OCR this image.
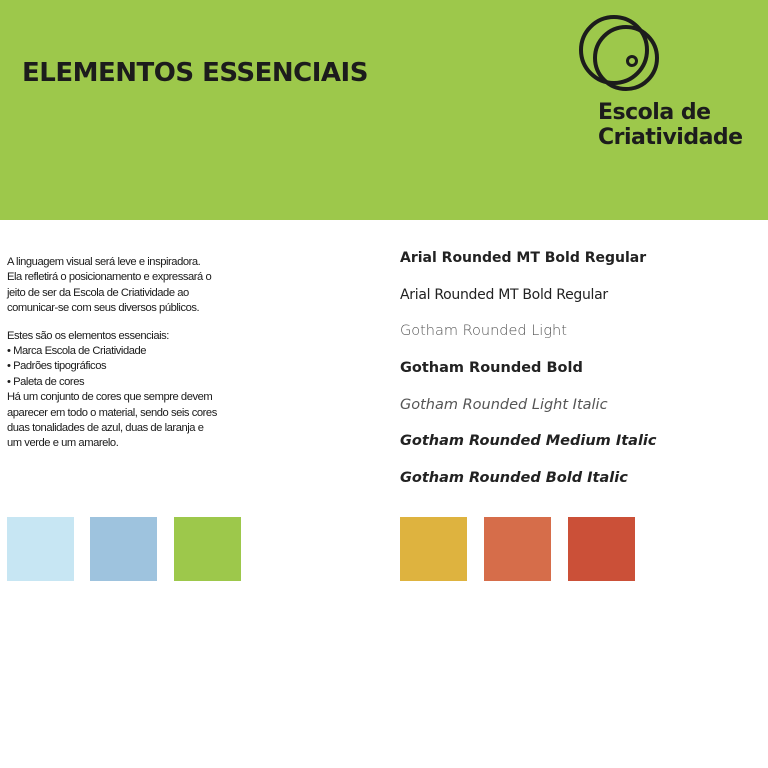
ELEMENTOS ESSENCIAIS
Escola de
Criatividade

A linguagem visual será leve e inspiradora.

Ela refletirá o posicionamento e expressará o

jeito de ser da Escola de Criatividade ao

comunicar-se com seus diversos públicos.

Estes são os elementos essenciais:

• Marca Escola de Criatividade

• Padrões tipográficos

• Paleta de cores

Há um conjunto de cores que sempre devem

aparecer em todo o material, sendo seis cores

duas tonalidades de azul, duas de laranja e

um verde e um amarelo.

Arial Rounded MT Bold Regular
Arial Rounded MT Bold Regular
Gotham Rounded Light
Gotham Rounded Bold
Gotham Rounded Light Italic
Gotham Rounded Medium Italic
Gotham Rounded Bold Italic
